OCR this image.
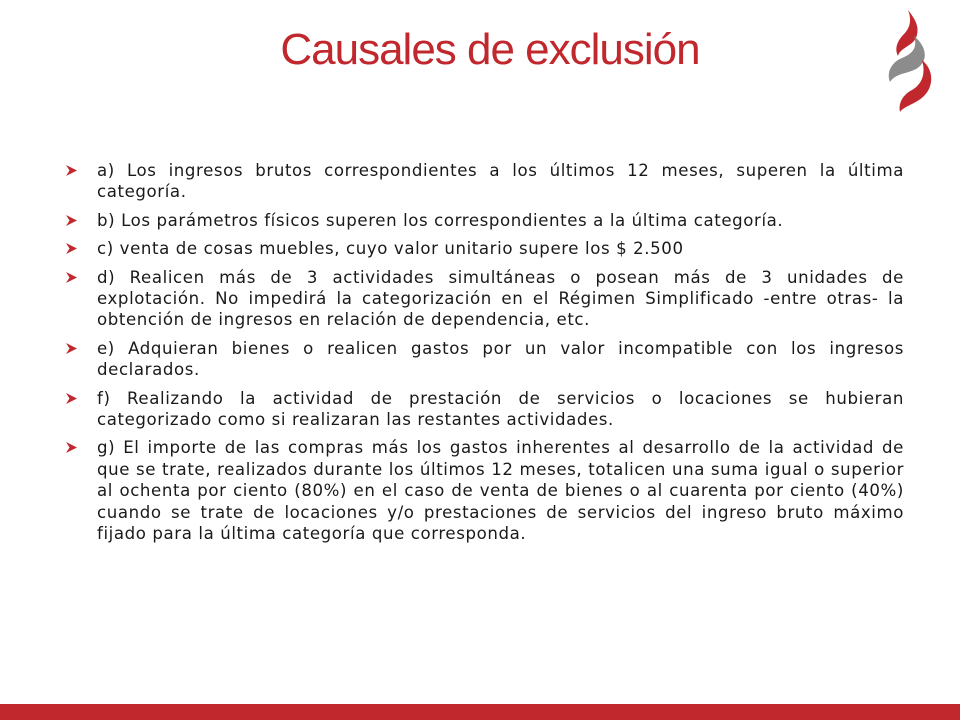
Causales de exclusión
a) Los ingresos brutos correspondientes a los últimos 12 meses, superen la última categoría.
b) Los parámetros físicos superen los correspondientes a la última categoría.
c) venta de cosas muebles, cuyo valor unitario supere los $ 2.500
d) Realicen más de 3 actividades simultáneas o posean más de 3 unidades de explotación. No impedirá la categorización en el Régimen Simplificado -entre otras- la obtención de ingresos en relación de dependencia, etc.
e) Adquieran bienes o realicen gastos por un valor incompatible con los ingresos declarados.
f) Realizando la actividad de prestación de servicios o locaciones se hubieran categorizado como si realizaran las restantes actividades.
g) El importe de las compras más los gastos inherentes al desarrollo de la actividad de que se trate, realizados durante los últimos 12 meses, totalicen una suma igual o superior al ochenta por ciento (80%) en el caso de venta de bienes o al cuarenta por ciento (40%) cuando se trate de locaciones y/o prestaciones de servicios del ingreso bruto máximo fijado para la última categoría que corresponda.
